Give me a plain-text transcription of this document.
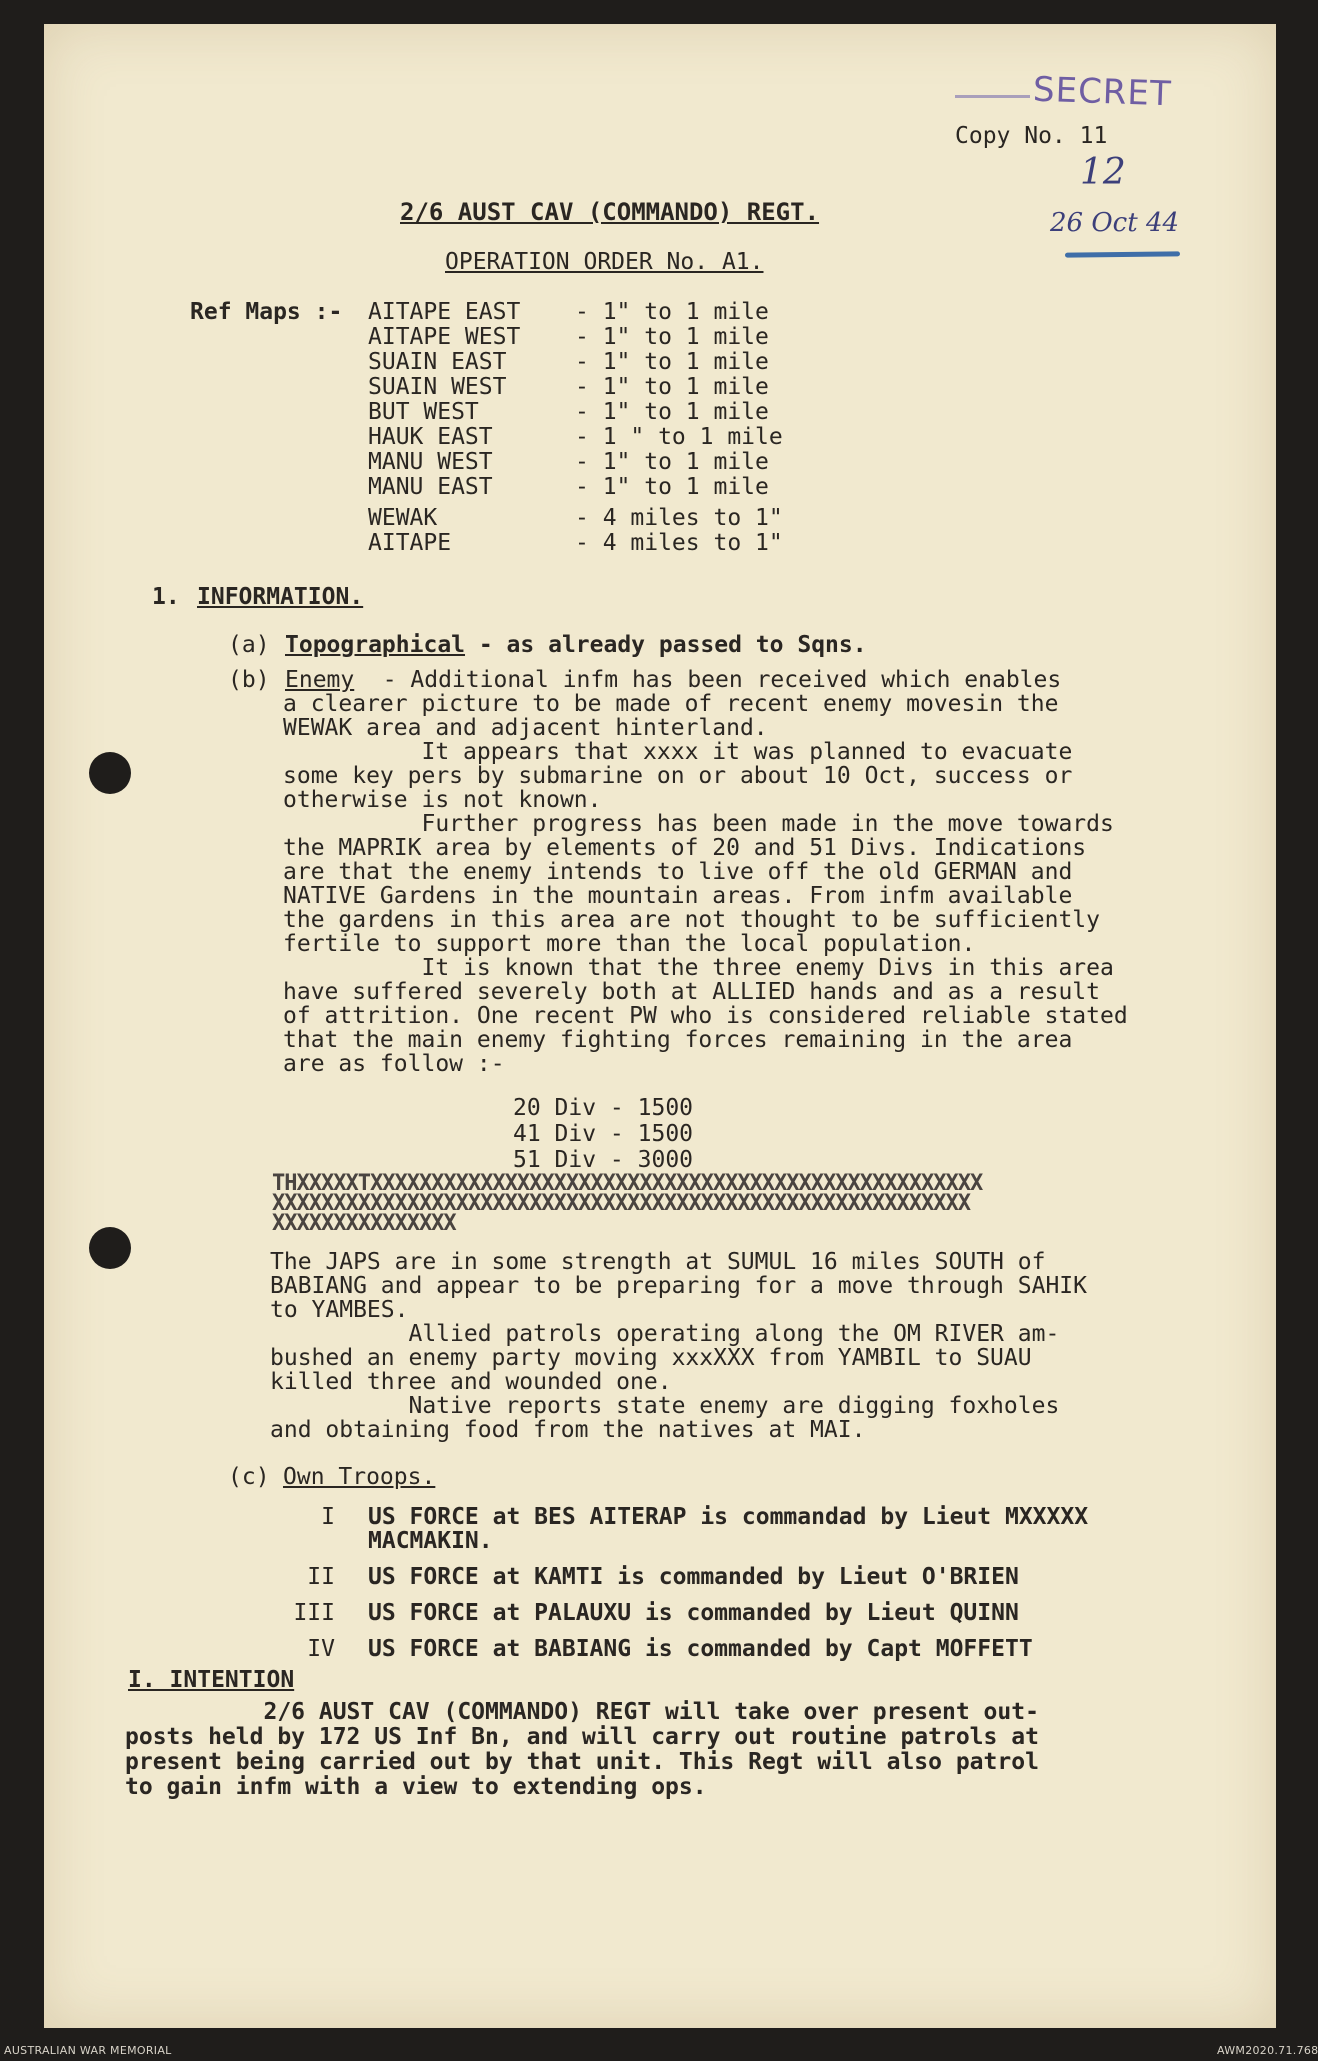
SECRET
Copy No. 11
12
26 Oct 44
2/6 AUST CAV (COMMANDO) REGT.
OPERATION ORDER No. A1.
Ref Maps :- AITAPE EAST - 1" to 1 mile
AITAPE WEST - 1" to 1 mile
SUAIN EAST	- 1" to 1 mile
SUAIN WEST	- 1" to 1 mile
BUT WEST	- 1" to 1 mile
HAUK EAST	- 1 " to 1 mile
MANU WEST	- 1" to 1 mile
MANU EAST	- 1" to 1 mile
WEWAK	- 4 miles to 1"
AITAPE	- 4 miles to 1"
1. INFORMATION.
(a) Topographical - as already passed to Sqns.
(b) Enemy - Additional infm has been received which enables
a clearer picture to be made of recent enemy movesin the
WEWAK area and adjacent hinterland.
It appears that xxxx it was planned to evacuate
some key pers by submarine on or about 10 Oct, success or
otherwise is not known.
Further progress has been made in the move towards
the MAPRIK area by elements of 20 and 51 Divs. Indications
are that the enemy intends to live off the old GERMAN and
NATIVE Gardens in the mountain areas. From infm available
the gardens in this area are not thought to be sufficiently
fertile to support more than the local population.
It is known that the three enemy Divs in this area
have suffered severely both at ALLIED hands and as a result
of attrition. One recent PW who is considered reliable stated
that the main enemy fighting forces remaining in the area
are as follow :-
20 Div - 1500
41 Div - 1500
51 Div - 3000
THXXXXXTXXXXXXXXXXXXXXXXXXXXXXXXXXXXXXXXXXXXXXXXXXXXXXXXXX
XXXXXXXXXXXXXXXXXXXXXXXXXXXXXXXXXXXXXXXXXXXXXXXXXXXXXXXXX
XXXXXXXXXXXXXXX
The JAPS are in some strength at SUMUL 16 miles SOUTH of
BABIANG and appear to be preparing for a move through SAHIK
to YAMBES.
Allied patrols operating along the OM RIVER am-
bushed an enemy party moving xxxXXX from YAMBIL to SUAU
killed three and wounded one.
Native reports state enemy are digging foxholes
and obtaining food from the natives at MAI.
(c) Own Troops.
I US FORCE at BES AITERAP is commandad by Lieut MXXXXX
MACMAKIN.
II US FORCE at KAMTI is commanded by Lieut O'BRIEN
III US FORCE at PALAUXU is commanded by Lieut QUINN
IV US FORCE at BABIANG is commanded by Capt MOFFETT
I. INTENTION
2/6 AUST CAV (COMMANDO) REGT will take over present out-
posts held by 172 US Inf Bn, and will carry out routine patrols at
present being carried out by that unit. This Regt will also patrol
to gain infm with a view to extending ops.
AUSTRALIAN WAR MEMORIAL	AWM2020.71.768
